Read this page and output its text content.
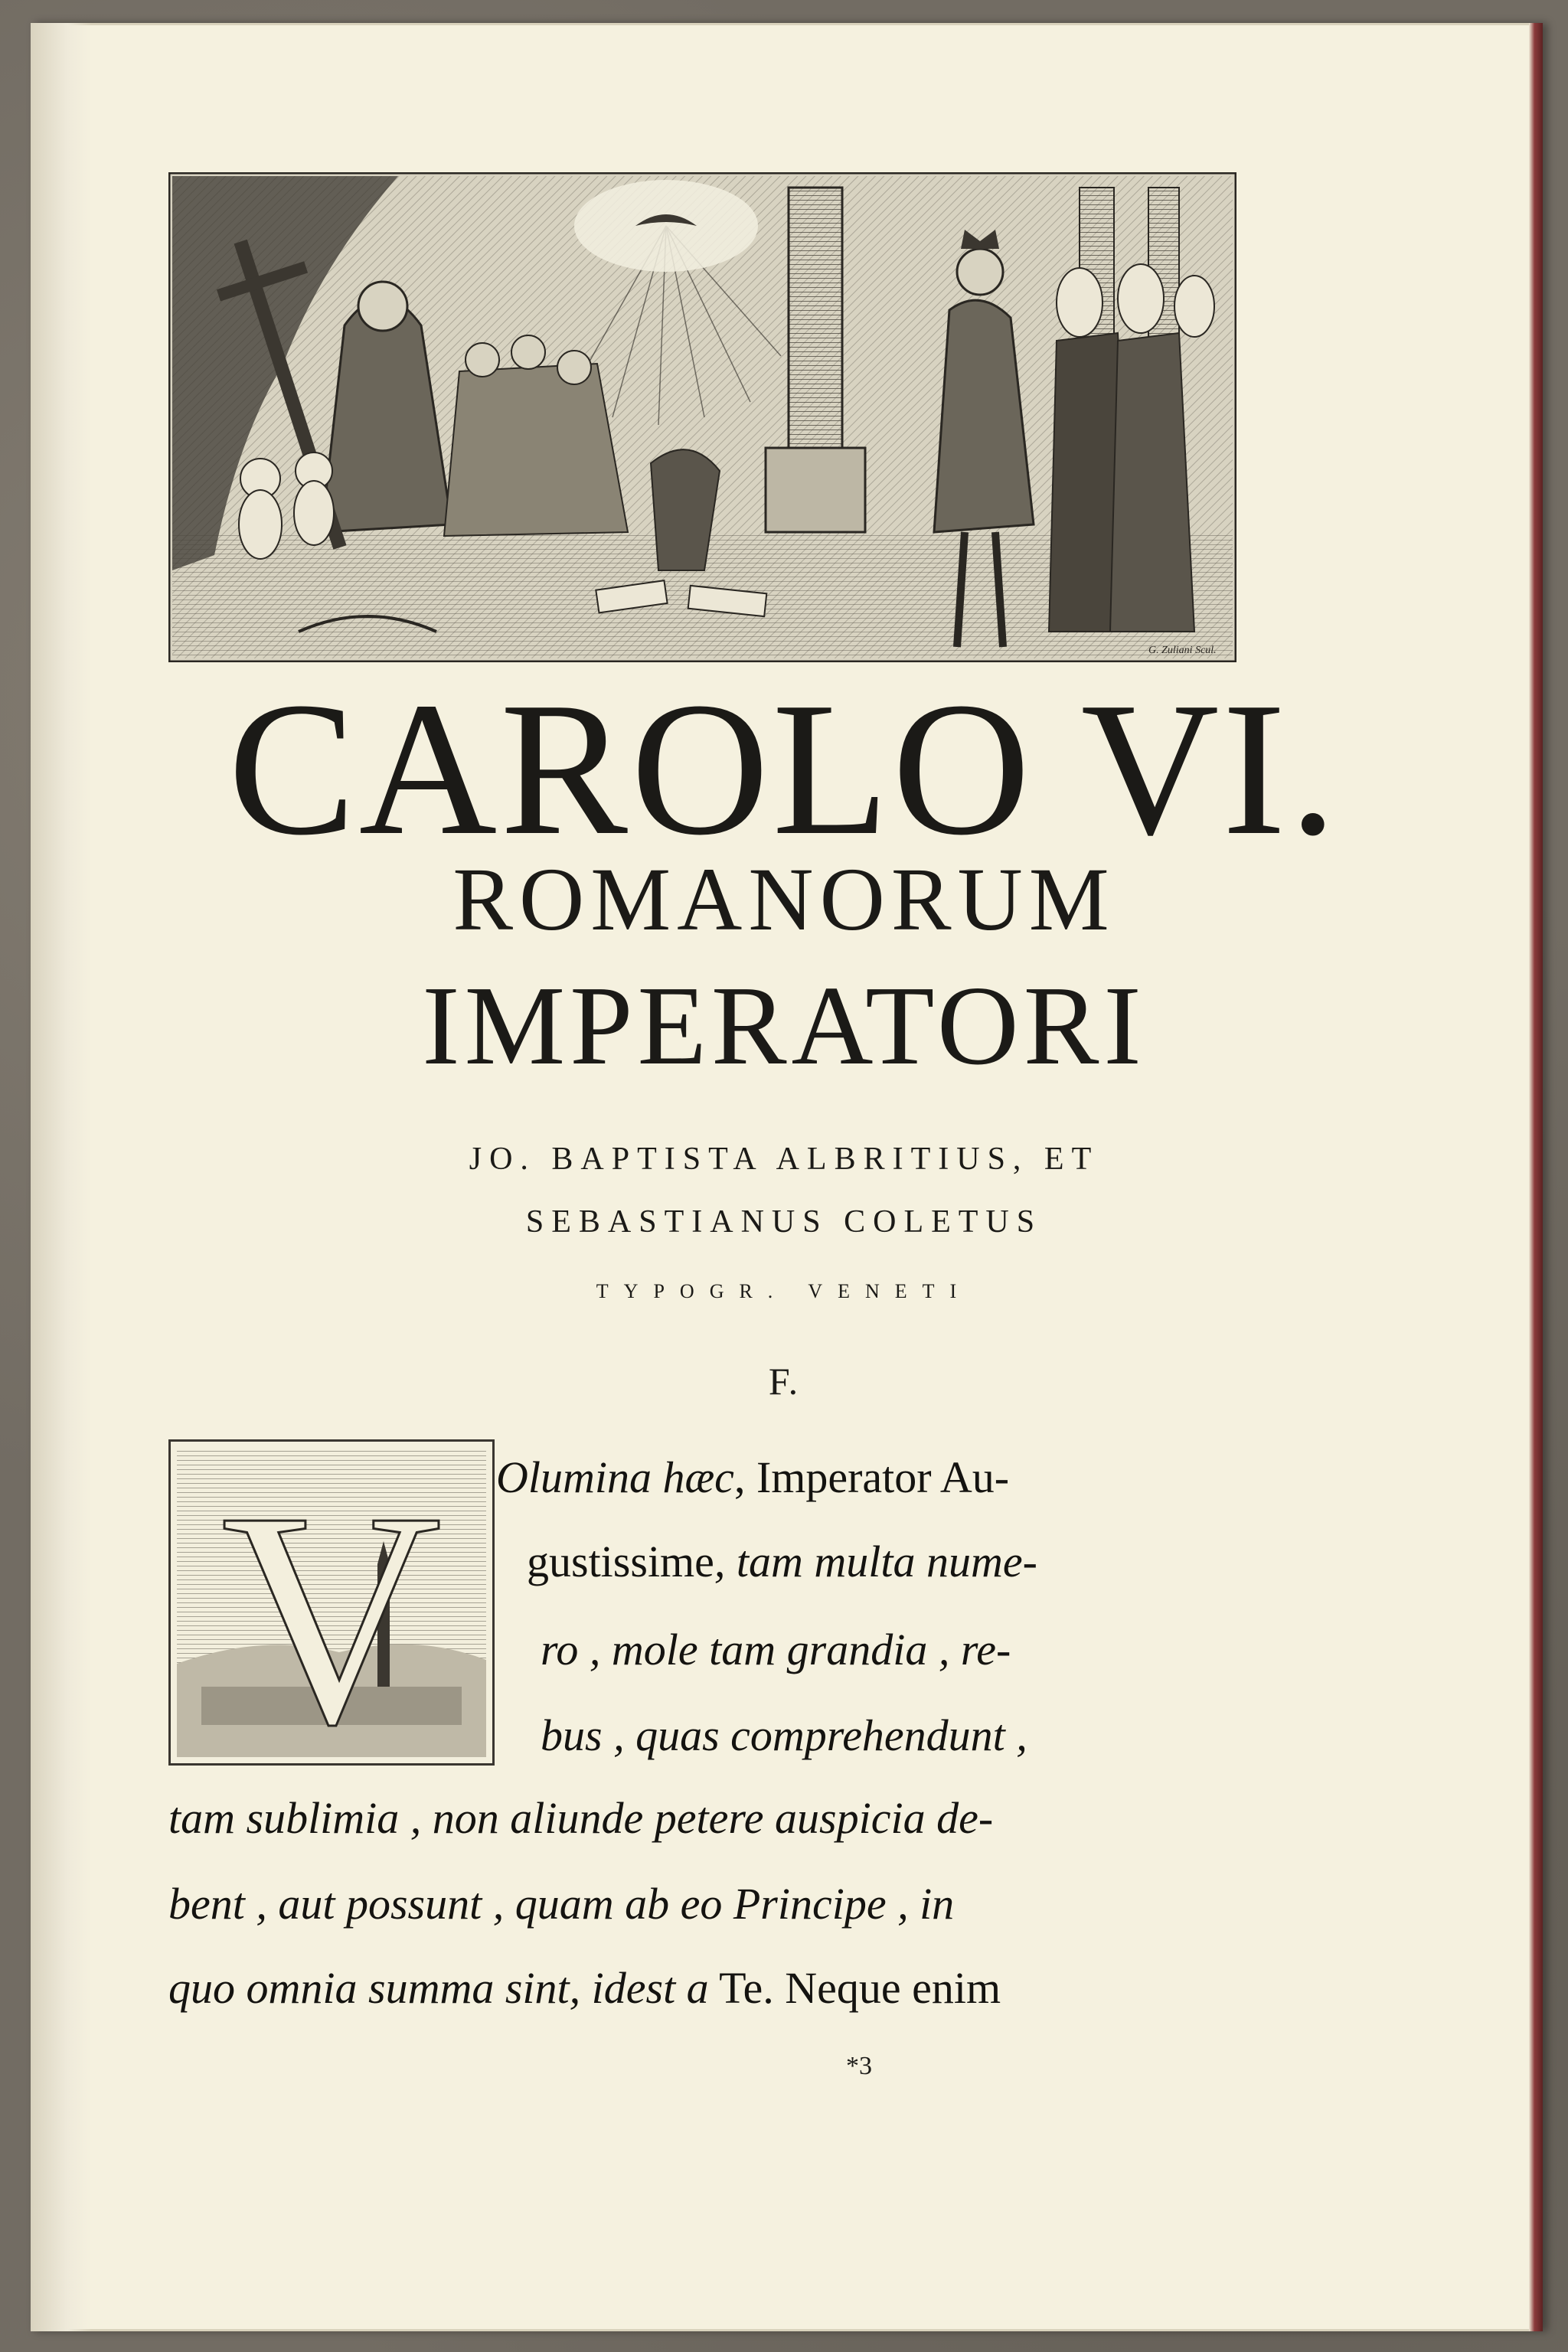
G. Zuliani Scul.

CAROLO VI.
ROMANORUM
IMPERATORI
JO. BAPTISTA ALBRITIUS, ET
SEBASTIANUS COLETUS
TYPOGR. VENETI
F.
V Olumina hæc, Imperator Au-
gustissime, tam multa nume-
ro , mole tam grandia , re-
bus , quas comprehendunt ,
tam sublimia , non aliunde petere auspicia de-
bent , aut possunt , quam ab eo Principe , in
quo omnia summa sint, idest a Te. Neque enim
*3
